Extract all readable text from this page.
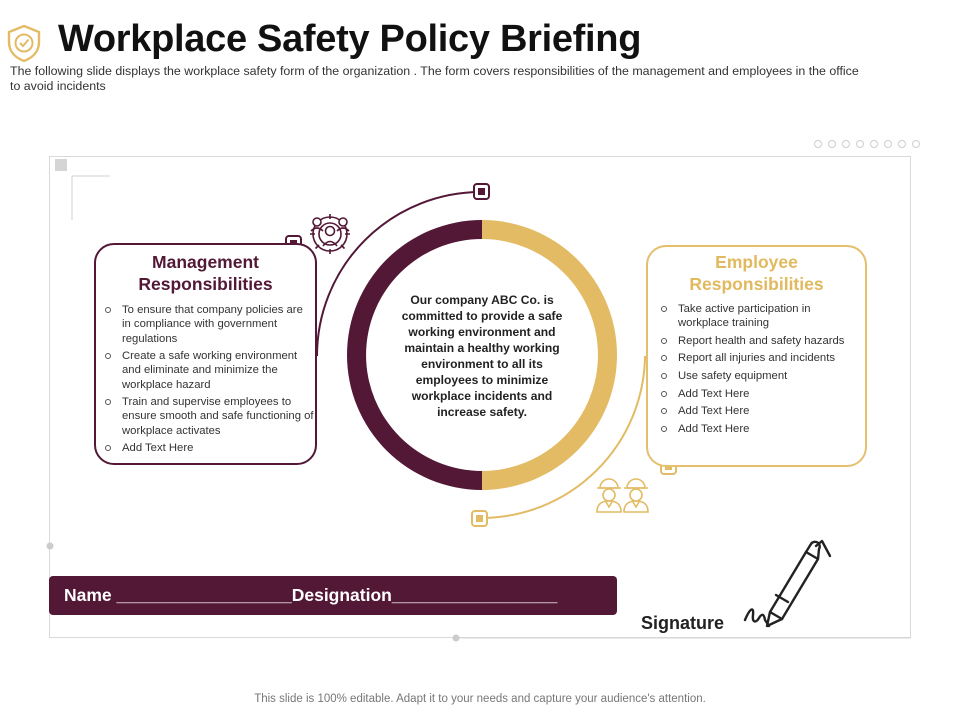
Workplace Safety Policy Briefing
The following slide displays the workplace safety form of the organization . The form covers responsibilities of the management and employees in the office to avoid incidents
Management Responsibilities
To ensure that company policies are in compliance with government regulations
Create a safe working environment and eliminate and minimize the workplace hazard
Train and supervise employees to ensure smooth and safe functioning of workplace activates
Add Text Here
Employee Responsibilities
Take active participation in workplace training
Report health and safety hazards
Report all injuries and incidents
Use safety equipment
Add Text Here
Add Text Here
Add Text Here
Our company ABC Co. is committed to provide a safe working environment and maintain a healthy working environment to all its employees to minimize workplace incidents and increase safety.
Name __________________Designation_________________
Signature
This slide is 100% editable. Adapt it to your needs and capture your audience's attention.
